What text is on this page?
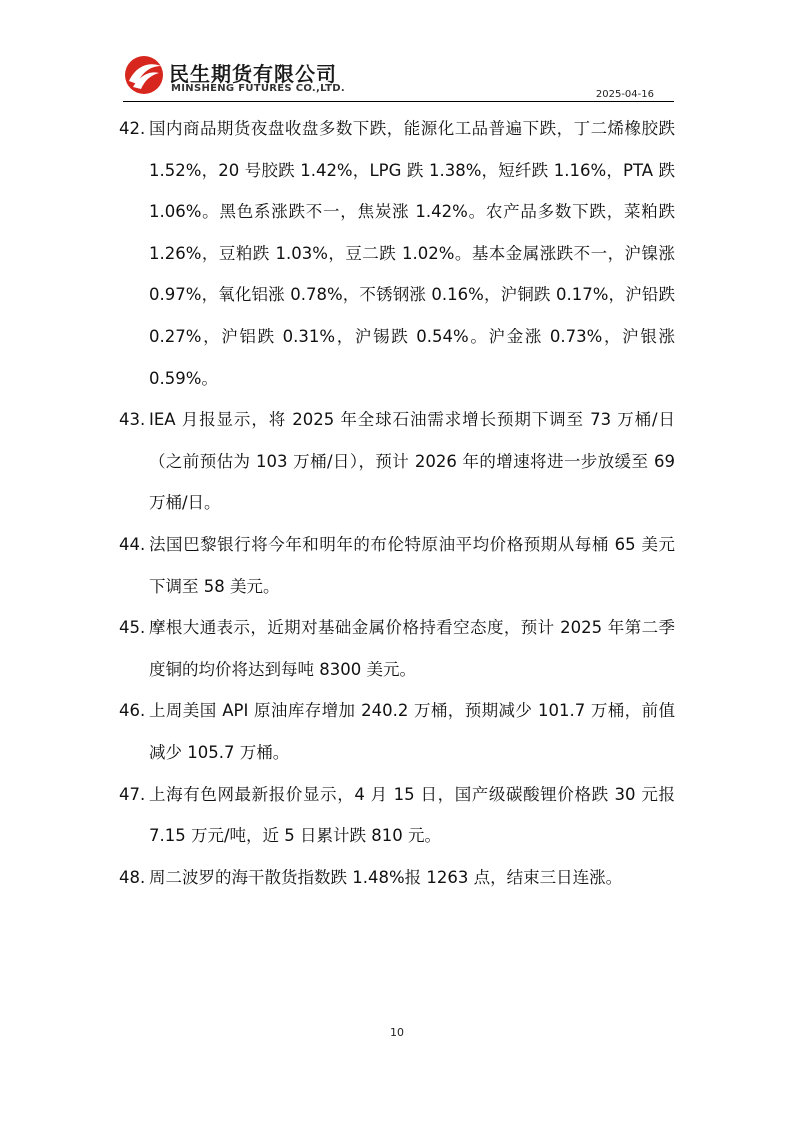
民生期货有限公司
MINSHENG FUTURES CO.,LTD.
2025-04-16
42. 国内商品期货夜盘收盘多数下跌，能源化工品普遍下跌，丁二烯橡胶跌 1.52%，20 号胶跌 1.42%，LPG 跌 1.38%，短纤跌 1.16%，PTA 跌 1.06%。黑色系涨跌不一，焦炭涨 1.42%。农产品多数下跌，菜粕跌 1.26%，豆粕跌 1.03%，豆二跌 1.02%。基本金属涨跌不一，沪镍涨 0.97%，氧化铝涨 0.78%，不锈钢涨 0.16%，沪铜跌 0.17%，沪铅跌 0.27%，沪铝跌 0.31%，沪锡跌 0.54%。沪金涨 0.73%，沪银涨 0.59%。
43. IEA 月报显示，将 2025 年全球石油需求增长预期下调至 73 万桶/日（之前预估为 103 万桶/日），预计 2026 年的增速将进一步放缓至 69 万桶/日。
44. 法国巴黎银行将今年和明年的布伦特原油平均价格预期从每桶 65 美元下调至 58 美元。
45. 摩根大通表示，近期对基础金属价格持看空态度，预计 2025 年第二季度铜的均价将达到每吨 8300 美元。
46. 上周美国 API 原油库存增加 240.2 万桶，预期减少 101.7 万桶，前值减少 105.7 万桶。
47. 上海有色网最新报价显示，4 月 15 日，国产级碳酸锂价格跌 30 元报 7.15 万元/吨，近 5 日累计跌 810 元。
48. 周二波罗的海干散货指数跌 1.48%报 1263 点，结束三日连涨。
10
